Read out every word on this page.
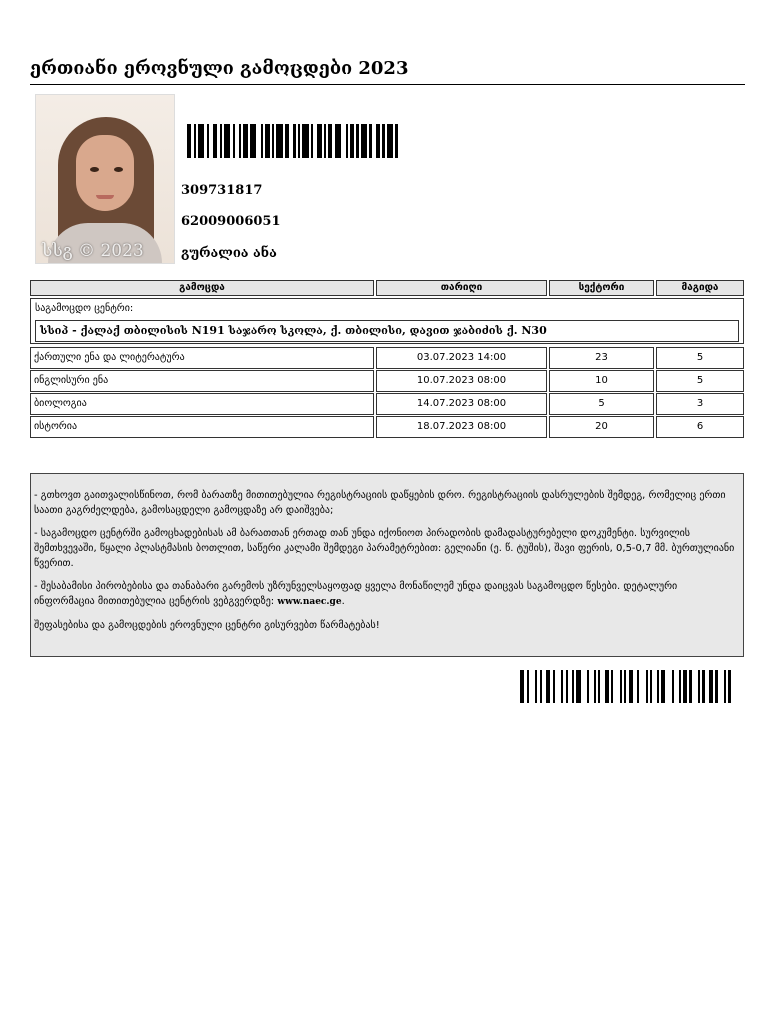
ერთიანი ეროვნული გამოცდები 2023
სსგ © 2023
309731817
62009006051
გურალია ანა
გამოცდა	თარიღი	სექტორი	მაგიდა
საგამოცდო ცენტრი:
სსიპ - ქალაქ თბილისის N191 საჯარო სკოლა, ქ. თბილისი, დავით ჯაბიძის ქ. N30
ქართული ენა და ლიტერატურა	03.07.2023 14:00	23	5
ინგლისური ენა	10.07.2023 08:00	10	5
ბიოლოგია	14.07.2023 08:00	5	3
ისტორია	18.07.2023 08:00	20	6

- გთხოვთ გაითვალისწინოთ, რომ ბარათზე მითითებულია რეგისტრაციის დაწყების დრო. რეგისტრაციის დასრულების შემდეგ, რომელიც ერთი საათი გაგრძელდება, გამოსაცდელი გამოცდაზე არ დაიშვება;

- საგამოცდო ცენტრში გამოცხადებისას ამ ბარათთან ერთად თან უნდა იქონიოთ პირადობის დამადასტურებელი დოკუმენტი. სურვილის შემთხვევაში, წყალი პლასტმასის ბოთლით, საწერი კალამი შემდეგი პარამეტრებით: გელიანი (ე. წ. ტუშის), შავი ფერის, 0,5-0,7 მმ. ბურთულიანი წვერით.

- შესაბამისი პირობებისა და თანაბარი გარემოს უზრუნველსაყოფად ყველა მონაწილემ უნდა დაიცვას საგამოცდო წესები. დეტალური ინფორმაცია მითითებულია ცენტრის ვებგვერდზე: www.naec.ge.

შეფასებისა და გამოცდების ეროვნული ცენტრი გისურვებთ წარმატებას!
